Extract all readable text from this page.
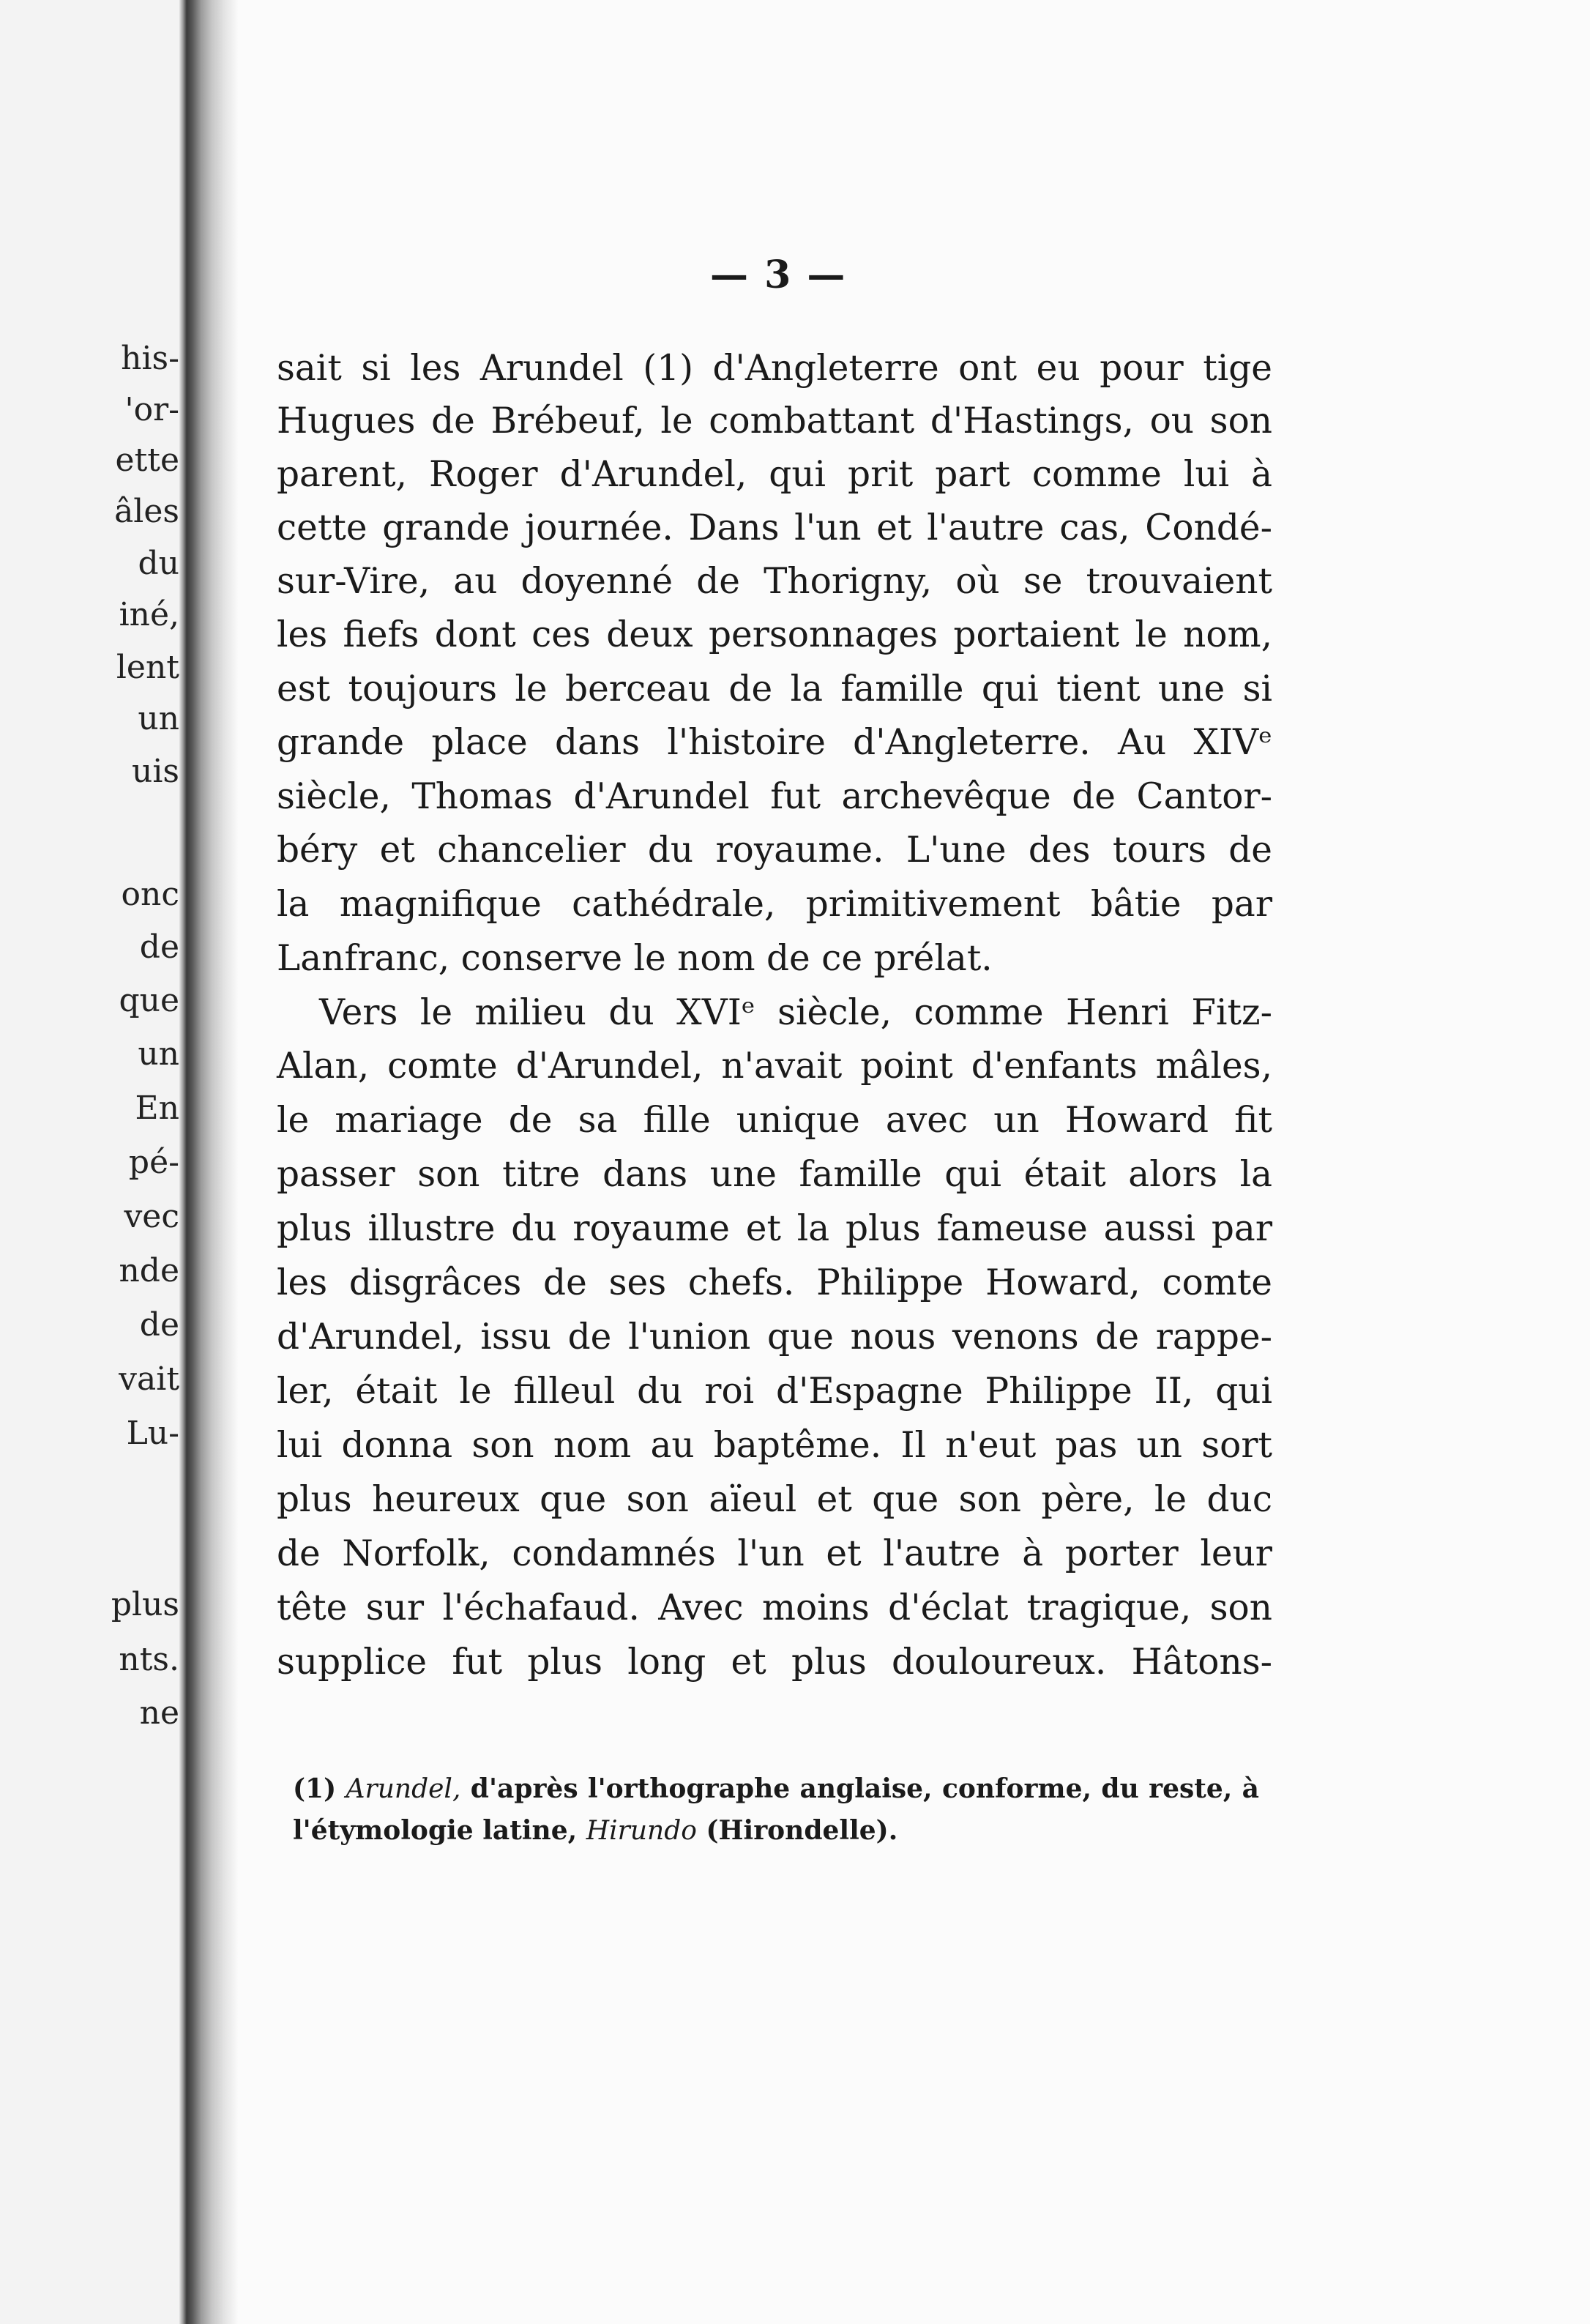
his-
'or-
ette
âles
du
iné,
lent
un
uis
onc
de
que
un
En
pé-
vec
nde
de
vait
Lu-
plus
nts.
ne
— 3 —
sait si les Arundel (1) d'Angleterre ont eu pour tige
Hugues de Brébeuf, le combattant d'Hastings, ou son
parent, Roger d'Arundel, qui prit part comme lui à
cette grande journée. Dans l'un et l'autre cas, Condé-
sur-Vire, au doyenné de Thorigny, où se trouvaient
les fiefs dont ces deux personnages portaient le nom,
est toujours le berceau de la famille qui tient une si
grande place dans l'histoire d'Angleterre. Au XIVᵉ
siècle, Thomas d'Arundel fut archevêque de Cantor-
béry et chancelier du royaume. L'une des tours de
la magnifique cathédrale, primitivement bâtie par
Lanfranc, conserve le nom de ce prélat.
Vers le milieu du XVIᵉ siècle, comme Henri Fitz-
Alan, comte d'Arundel, n'avait point d'enfants mâles,
le mariage de sa fille unique avec un Howard fit
passer son titre dans une famille qui était alors la
plus illustre du royaume et la plus fameuse aussi par
les disgrâces de ses chefs. Philippe Howard, comte
d'Arundel, issu de l'union que nous venons de rappe-
ler, était le filleul du roi d'Espagne Philippe II, qui
lui donna son nom au baptême. Il n'eut pas un sort
plus heureux que son aïeul et que son père, le duc
de Norfolk, condamnés l'un et l'autre à porter leur
tête sur l'échafaud. Avec moins d'éclat tragique, son
supplice fut plus long et plus douloureux. Hâtons-
(1) Arundel, d'après l'orthographe anglaise, conforme, du reste, à
l'étymologie latine, Hirundo (Hirondelle).
